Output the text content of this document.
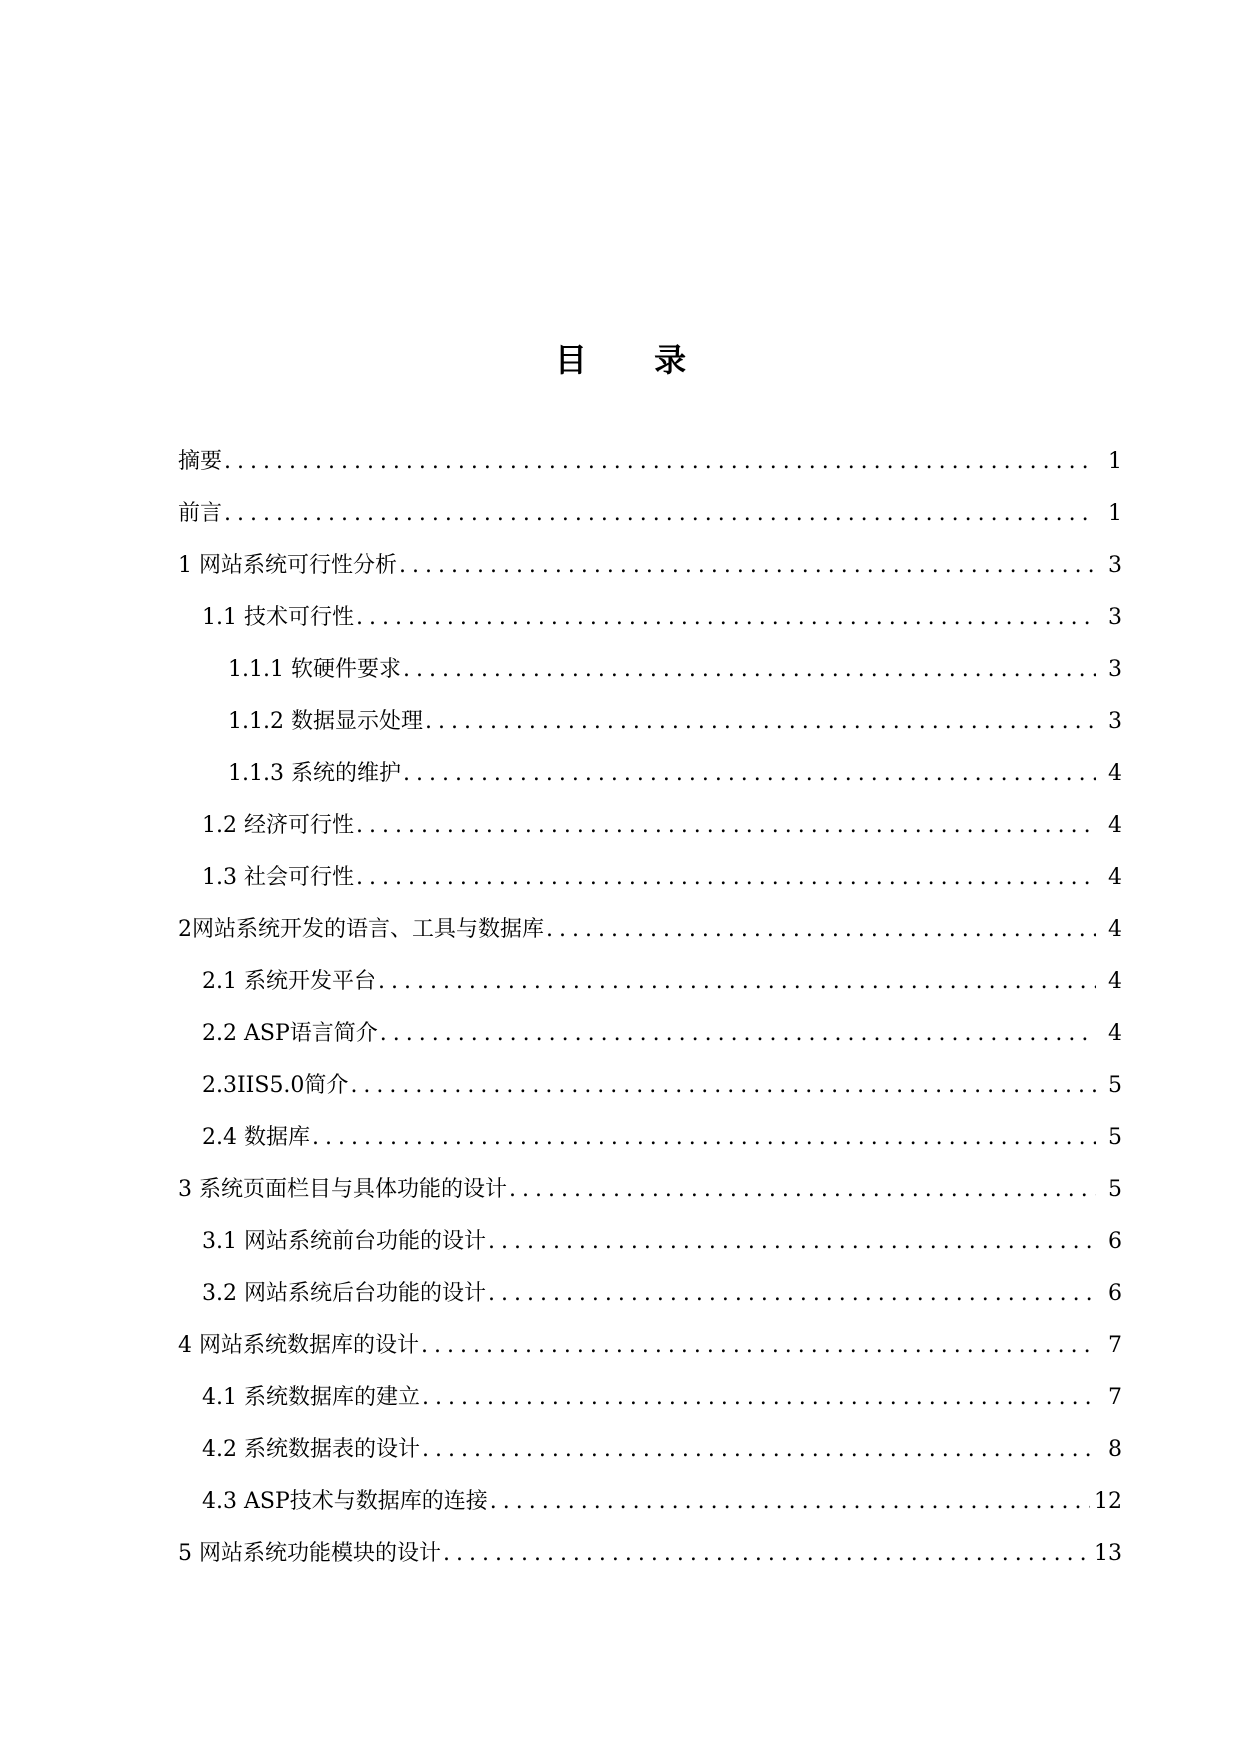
目 录
摘要 .....	1
前言 .....	1
1 网站系统可行性分析 .....	3
1.1 技术可行性 .....	3
1.1.1 软硬件要求 .....	3
1.1.2 数据显示处理 .....	3
1.1.3 系统的维护 .....	4
1.2 经济可行性 .....	4
1.3 社会可行性 .....	4
2网站系统开发的语言、工具与数据库 .....	4
2.1 系统开发平台 .....	4
2.2 ASP语言简介 .....	4
2.3IIS5.0简介 .....	5
2.4 数据库 .....	5
3 系统页面栏目与具体功能的设计 .....	5
3.1 网站系统前台功能的设计 .....	6
3.2 网站系统后台功能的设计 .....	6
4 网站系统数据库的设计 .....	7
4.1 系统数据库的建立 .....	7
4.2 系统数据表的设计 .....	8
4.3 ASP技术与数据库的连接 .....	12
5 网站系统功能模块的设计 .....	13
